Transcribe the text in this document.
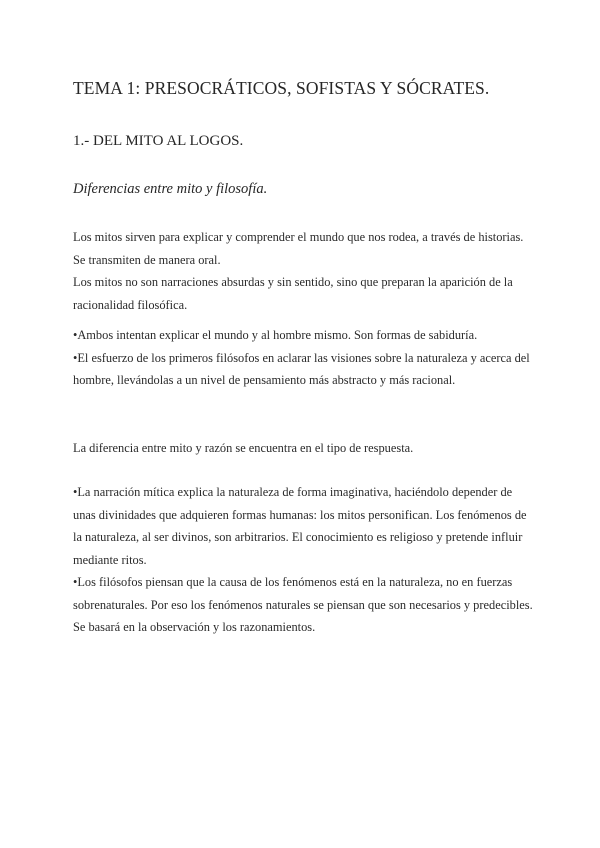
TEMA 1: PRESOCRÁTICOS, SOFISTAS Y SÓCRATES.
1.- DEL MITO AL LOGOS.
Diferencias entre mito y filosofía.

Los mitos sirven para explicar y comprender el mundo que nos rodea, a través de historias. Se transmiten de manera oral.

Los mitos no son narraciones absurdas y sin sentido, sino que preparan la aparición de la racionalidad filosófica.

•Ambos intentan explicar el mundo y al hombre mismo. Son formas de sabiduría.

•El esfuerzo de los primeros filósofos en aclarar las visiones sobre la naturaleza y acerca del hombre, llevándolas a un nivel de pensamiento más abstracto y más racional.

La diferencia entre mito y razón se encuentra en el tipo de respuesta.

•La narración mítica explica la naturaleza de forma imaginativa, haciéndolo depender de unas divinidades que adquieren formas humanas: los mitos personifican. Los fenómenos de la naturaleza, al ser divinos, son arbitrarios. El conocimiento es religioso y pretende influir mediante ritos.

•Los filósofos piensan que la causa de los fenómenos está en la naturaleza, no en fuerzas sobrenaturales. Por eso los fenómenos naturales se piensan que son necesarios y predecibles. Se basará en la observación y los razonamientos.
